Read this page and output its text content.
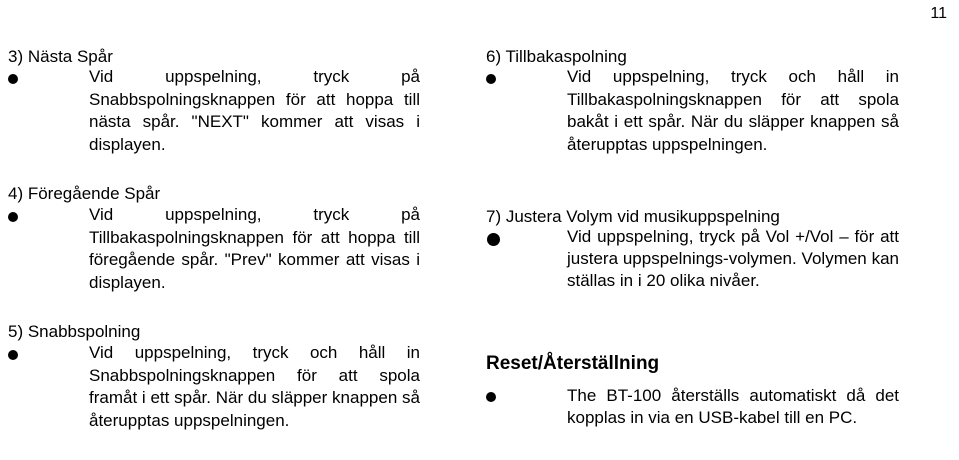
11
3) Nästa Spår
Vid uppspelning, tryck på Snabbspolningsknappen för att hoppa till nästa spår. "NEXT" kommer att visas i displayen.
4) Föregående Spår
Vid uppspelning, tryck på Tillbakaspolningsknappen för att hoppa till föregående spår. "Prev" kommer att visas i displayen.
5) Snabbspolning
Vid uppspelning, tryck och håll in Snabbspolningsknappen för att spola framåt i ett spår. När du släpper knappen så återupptas uppspelningen.
6) Tillbakaspolning
Vid uppspelning, tryck och håll in Tillbakaspolningsknappen för att spola bakåt i ett spår. När du släpper knappen så återupptas uppspelningen.
7) Justera Volym vid musikuppspelning
Vid uppspelning, tryck på Vol +/Vol – för att justera uppspelnings-volymen. Volymen kan ställas in i 20 olika nivåer.
Reset/Återställning
The BT-100 återställs automatiskt då det kopplas in via en USB-kabel till en PC.
